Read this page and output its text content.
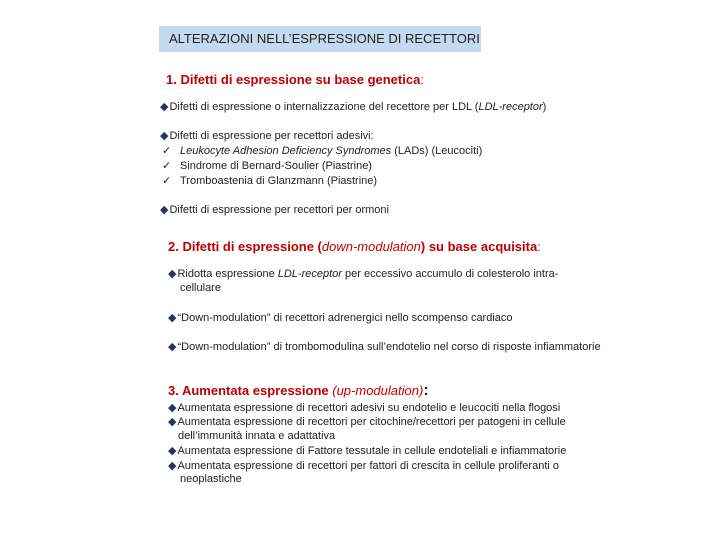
ALTERAZIONI NELL’ESPRESSIONE DI RECETTORI
1. Difetti di espressione su base genetica:
◆Difetti di espressione o internalizzazione del recettore per LDL (LDL-receptor)
◆Difetti di espressione per recettori adesivi:
✓ Leukocyte Adhesion Deficiency Syndromes (LADs) (Leucociti)
✓ Sindrome di Bernard-Soulier (Piastrine)
✓ Tromboastenia di Glanzmann (Piastrine)
◆Difetti di espressione per recettori per ormoni
2. Difetti di espressione (down-modulation) su base acquisita:
◆Ridotta espressione LDL-receptor per eccessivo accumulo di colesterolo intra-
cellulare
◆“Down-modulation” di recettori adrenergici nello scompenso cardiaco
◆“Down-modulation” di trombomodulina sull’endotelio nel corso di risposte infiammatorie
3. Aumentata espressione (up-modulation):
◆Aumentata espressione di recettori adesivi su endotelio e leucociti nella flogosi
◆Aumentata espressione di recettori per citochine/recettori per patogeni in cellule
dell’immunità innata e adattativa
◆Aumentata espressione di Fattore tessutale in cellule endoteliali e infiammatorie
◆Aumentata espressione di recettori per fattori di crescita in cellule proliferanti o
neoplastiche
